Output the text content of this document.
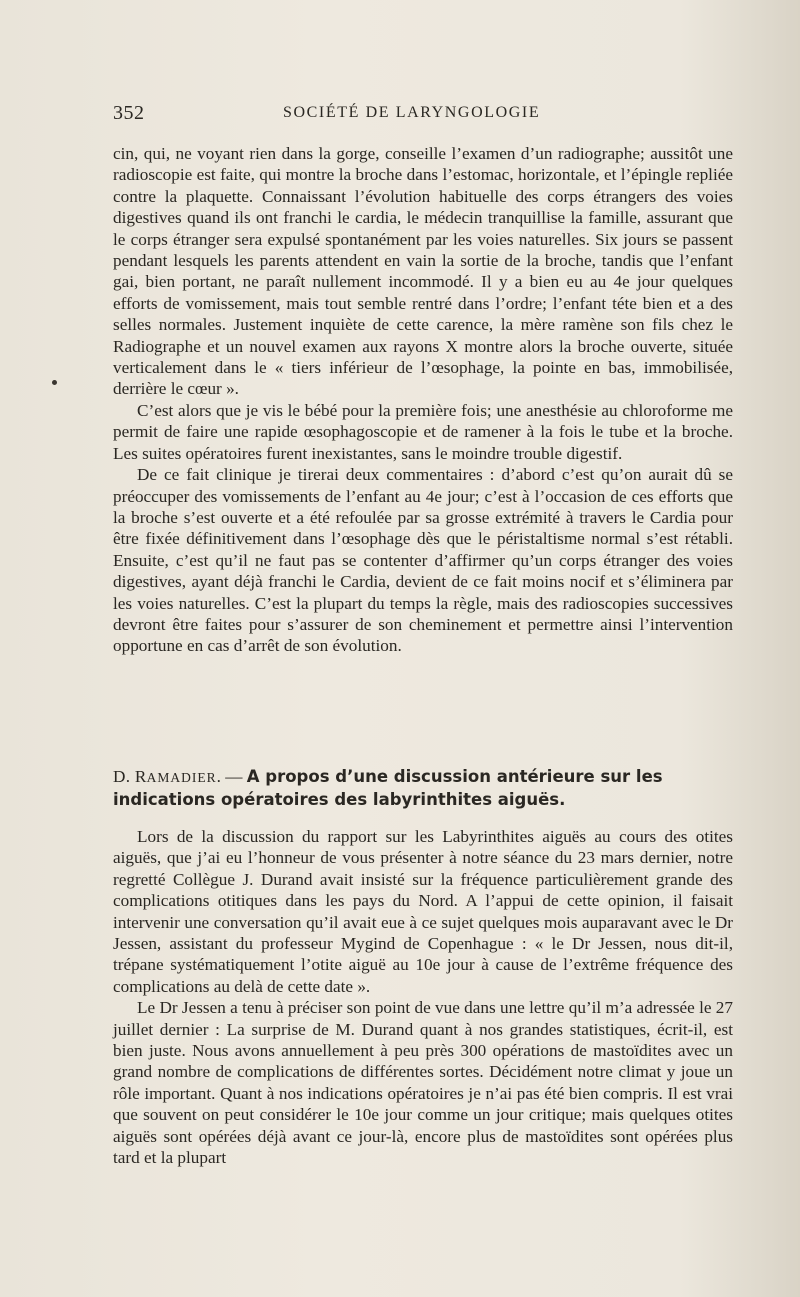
352	SOCIÉTÉ DE LARYNGOLOGIE

cin, qui, ne voyant rien dans la gorge, conseille l’examen d’un radiographe; aussitôt une radioscopie est faite, qui montre la broche dans l’estomac, horizontale, et l’épingle repliée contre la plaquette. Connaissant l’évolution habituelle des corps étrangers des voies digestives quand ils ont franchi le cardia, le médecin tranquillise la famille, assurant que le corps étranger sera expulsé spontanément par les voies naturelles. Six jours se passent pendant lesquels les parents attendent en vain la sortie de la broche, tandis que l’enfant gai, bien portant, ne paraît nullement incommodé. Il y a bien eu au 4e jour quelques efforts de vomissement, mais tout semble rentré dans l’ordre; l’enfant téte bien et a des selles normales. Justement inquiète de cette carence, la mère ramène son fils chez le Radiographe et un nouvel examen aux rayons X montre alors la broche ouverte, située verticalement dans le « tiers inférieur de l’œsophage, la pointe en bas, immobilisée, derrière le cœur ».

C’est alors que je vis le bébé pour la première fois; une anesthésie au chloroforme me permit de faire une rapide œsophagoscopie et de ramener à la fois le tube et la broche. Les suites opératoires furent inexistantes, sans le moindre trouble digestif.

De ce fait clinique je tirerai deux commentaires : d’abord c’est qu’on aurait dû se préoccuper des vomissements de l’enfant au 4e jour; c’est à l’occasion de ces efforts que la broche s’est ouverte et a été refoulée par sa grosse extrémité à travers le Cardia pour être fixée définitivement dans l’œsophage dès que le péristaltisme normal s’est rétabli. Ensuite, c’est qu’il ne faut pas se contenter d’affirmer qu’un corps étranger des voies digestives, ayant déjà franchi le Cardia, devient de ce fait moins nocif et s’éliminera par les voies naturelles. C’est la plupart du temps la règle, mais des radioscopies successives devront être faites pour s’assurer de son cheminement et permettre ainsi l’intervention opportune en cas d’arrêt de son évolution.

D. RAMADIER. — A propos d’une discussion antérieure sur les indications opératoires des labyrinthites aiguës.

Lors de la discussion du rapport sur les Labyrinthites aiguës au cours des otites aiguës, que j’ai eu l’honneur de vous présenter à notre séance du 23 mars dernier, notre regretté Collègue J. Durand avait insisté sur la fréquence particulièrement grande des complications otitiques dans les pays du Nord. A l’appui de cette opinion, il faisait intervenir une conversation qu’il avait eue à ce sujet quelques mois auparavant avec le Dr Jessen, assistant du professeur Mygind de Copenhague : « le Dr Jessen, nous dit-il, trépane systématiquement l’otite aiguë au 10e jour à cause de l’extrême fréquence des complications au delà de cette date ».

Le Dr Jessen a tenu à préciser son point de vue dans une lettre qu’il m’a adressée le 27 juillet dernier : La surprise de M. Durand quant à nos grandes statistiques, écrit-il, est bien juste. Nous avons annuellement à peu près 300 opérations de mastoïdites avec un grand nombre de complications de différentes sortes. Décidément notre climat y joue un rôle important. Quant à nos indications opératoires je n’ai pas été bien compris. Il est vrai que souvent on peut considérer le 10e jour comme un jour critique; mais quelques otites aiguës sont opérées déjà avant ce jour-là, encore plus de mastoïdites sont opérées plus tard et la plupart
